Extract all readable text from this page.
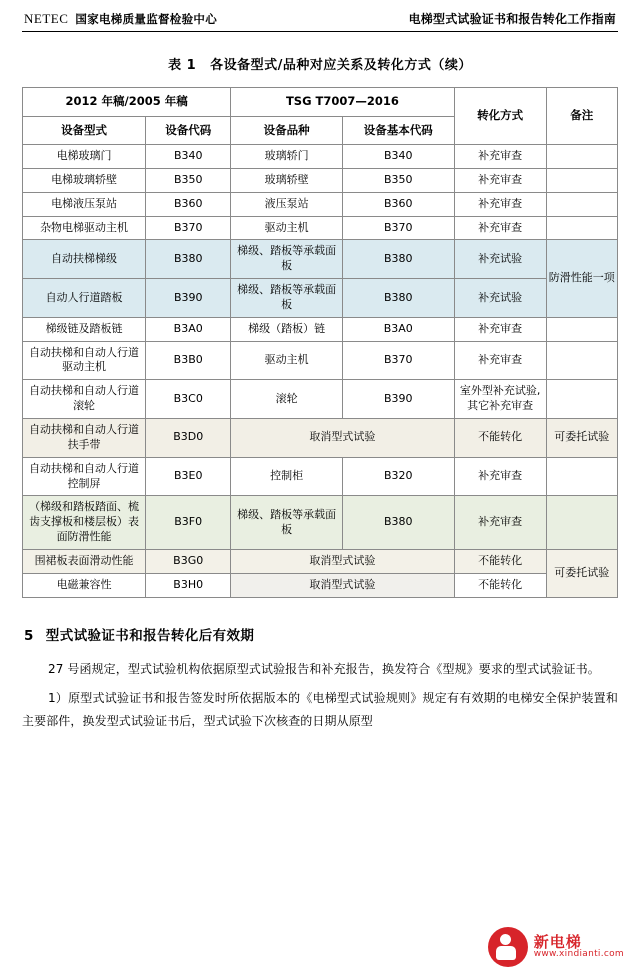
NETEC 国家电梯质量监督检验中心	电梯型式试验证书和报告转化工作指南
表 1 各设备型式/品种对应关系及转化方式（续）
2012 年稿/2005 年稿		TSG T7007—2016		转化方式	备注
设备型式	设备代码	设备品种	设备基本代码		
电梯玻璃门	B340	玻璃轿门	B340	补充审查	
电梯玻璃轿壁	B350	玻璃轿壁	B350	补充审查	
电梯液压泵站	B360	液压泵站	B360	补充审查	
杂物电梯驱动主机	B370	驱动主机	B370	补充审查	
自动扶梯梯级	B380	梯级、踏板等承载面板	B380	补充试验	防滑性能一项
自动人行道踏板	B390	梯级、踏板等承载面板	B380	补充试验	
梯级链及踏板链	B3A0	梯级（踏板）链	B3A0	补充审查	
自动扶梯和自动人行道驱动主机	B3B0	驱动主机	B370	补充审查	
自动扶梯和自动人行道滚轮	B3C0	滚轮	B390	室外型补充试验, 其它补充审查	
自动扶梯和自动人行道扶手带	B3D0	取消型式试验		不能转化	可委托试验
自动扶梯和自动人行道控制屏	B3E0	控制柜	B320	补充审查	
（梯级和踏板踏面、梳齿支撑板和楼层板）表面防滑性能	B3F0	梯级、踏板等承载面板	B380	补充审查	
围裙板表面滑动性能	B3G0	取消型式试验		不能转化	可委托试验
电磁兼容性	B3H0	取消型式试验		不能转化	
5 型式试验证书和报告转化后有效期

27 号函规定，型式试验机构依据原型式试验报告和补充报告，换发符合《型规》要求的型式试验证书。

1）原型式试验证书和报告签发时所依据版本的《电梯型式试验规则》规定有有效期的电梯安全保护装置和主要部件，换发型式试验证书后，型式试验下次核查的日期从原型

新电梯
www.xindianti.com
